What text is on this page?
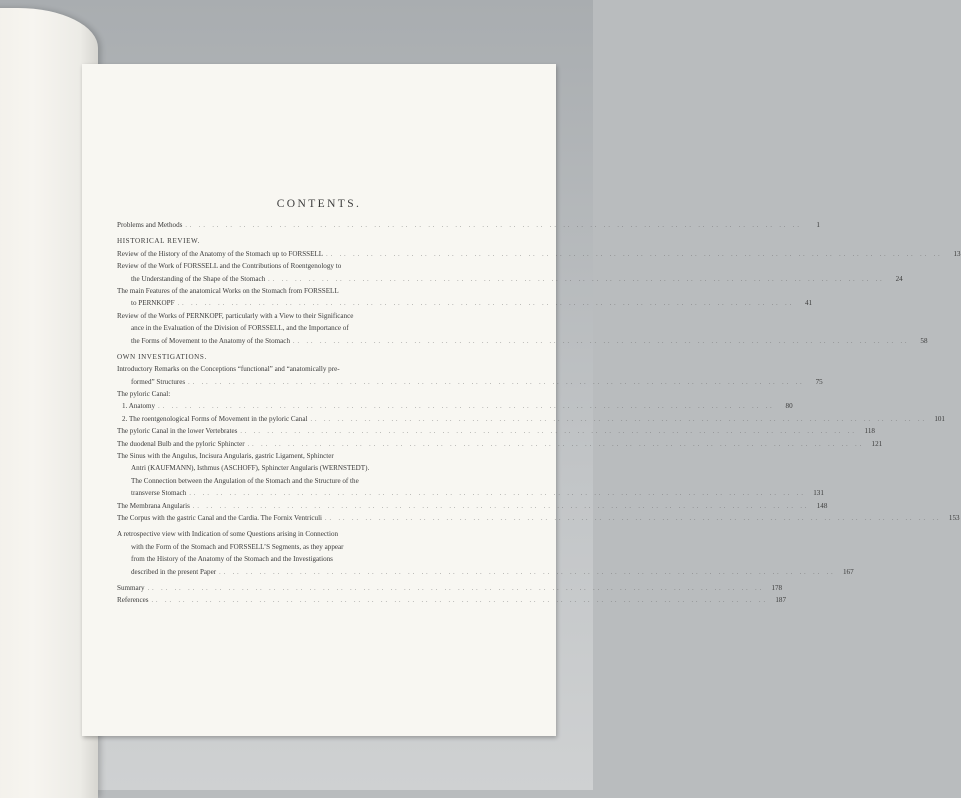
CONTENTS.
Problems and Methods .. .. .. .. .. .. .. .. .. .. .. .. .. .. .. .. .. .. .. .. .. .. .. .. .. .. .. .. .. .. .. .. .. .. .. .. .. .. .. .. .. .. .. .. .. ..	1
HISTORICAL REVIEW.
Review of the History of the Anatomy of the Stomach up to FORSSELL .. .. .. .. .. .. .. .. .. .. .. .. .. .. .. .. .. .. .. .. .. .. .. .. .. .. .. .. .. .. .. .. .. .. .. .. .. .. .. .. .. .. .. .. .. ..	13
Review of the Work of FORSSELL and the Contributions of Roentgenology to
the Understanding of the Shape of the Stomach .. .. .. .. .. .. .. .. .. .. .. .. .. .. .. .. .. .. .. .. .. .. .. .. .. .. .. .. .. .. .. .. .. .. .. .. .. .. .. .. .. .. .. .. .. ..	24
The main Features of the anatomical Works on the Stomach from FORSSELL
to PERNKOPF .. .. .. .. .. .. .. .. .. .. .. .. .. .. .. .. .. .. .. .. .. .. .. .. .. .. .. .. .. .. .. .. .. .. .. .. .. .. .. .. .. .. .. .. .. ..	41
Review of the Works of PERNKOPF, particularly with a View to their Significance
ance in the Evaluation of the Division of FORSSELL, and the Importance of
the Forms of Movement to the Anatomy of the Stomach .. .. .. .. .. .. .. .. .. .. .. .. .. .. .. .. .. .. .. .. .. .. .. .. .. .. .. .. .. .. .. .. .. .. .. .. .. .. .. .. .. .. .. .. .. ..	58
OWN INVESTIGATIONS.
Introductory Remarks on the Conceptions “functional” and “anatomically pre-
formed” Structures .. .. .. .. .. .. .. .. .. .. .. .. .. .. .. .. .. .. .. .. .. .. .. .. .. .. .. .. .. .. .. .. .. .. .. .. .. .. .. .. .. .. .. .. .. ..	75
The pyloric Canal:
1. Anatomy .. .. .. .. .. .. .. .. .. .. .. .. .. .. .. .. .. .. .. .. .. .. .. .. .. .. .. .. .. .. .. .. .. .. .. .. .. .. .. .. .. .. .. .. .. ..	80
2. The roentgenological Forms of Movement in the pyloric Canal .. .. .. .. .. .. .. .. .. .. .. .. .. .. .. .. .. .. .. .. .. .. .. .. .. .. .. .. .. .. .. .. .. .. .. .. .. .. .. .. .. .. .. .. .. ..	101
The pyloric Canal in the lower Vertebrates .. .. .. .. .. .. .. .. .. .. .. .. .. .. .. .. .. .. .. .. .. .. .. .. .. .. .. .. .. .. .. .. .. .. .. .. .. .. .. .. .. .. .. .. .. ..	118
The duodenal Bulb and the pyloric Sphincter .. .. .. .. .. .. .. .. .. .. .. .. .. .. .. .. .. .. .. .. .. .. .. .. .. .. .. .. .. .. .. .. .. .. .. .. .. .. .. .. .. .. .. .. .. ..	121
The Sinus with the Angulus, Incisura Angularis, gastric Ligament, Sphincter
Antri (KAUFMANN), Isthmus (ASCHOFF), Sphincter Angularis (WERNSTEDT).
The Connection between the Angulation of the Stomach and the Structure of the
transverse Stomach .. .. .. .. .. .. .. .. .. .. .. .. .. .. .. .. .. .. .. .. .. .. .. .. .. .. .. .. .. .. .. .. .. .. .. .. .. .. .. .. .. .. .. .. .. ..	131
The Membrana Angularis .. .. .. .. .. .. .. .. .. .. .. .. .. .. .. .. .. .. .. .. .. .. .. .. .. .. .. .. .. .. .. .. .. .. .. .. .. .. .. .. .. .. .. .. .. ..	148
The Corpus with the gastric Canal and the Cardia. The Fornix Ventriculi .. .. .. .. .. .. .. .. .. .. .. .. .. .. .. .. .. .. .. .. .. .. .. .. .. .. .. .. .. .. .. .. .. .. .. .. .. .. .. .. .. .. .. .. .. ..	153
A retrospective view with Indication of some Questions arising in Connection
with the Form of the Stomach and FORSSELL’S Segments, as they appear
from the History of the Anatomy of the Stomach and the Investigations
described in the present Paper .. .. .. .. .. .. .. .. .. .. .. .. .. .. .. .. .. .. .. .. .. .. .. .. .. .. .. .. .. .. .. .. .. .. .. .. .. .. .. .. .. .. .. .. .. ..	167
Summary .. .. .. .. .. .. .. .. .. .. .. .. .. .. .. .. .. .. .. .. .. .. .. .. .. .. .. .. .. .. .. .. .. .. .. .. .. .. .. .. .. .. .. .. .. ..	178
References .. .. .. .. .. .. .. .. .. .. .. .. .. .. .. .. .. .. .. .. .. .. .. .. .. .. .. .. .. .. .. .. .. .. .. .. .. .. .. .. .. .. .. .. .. ..	187
